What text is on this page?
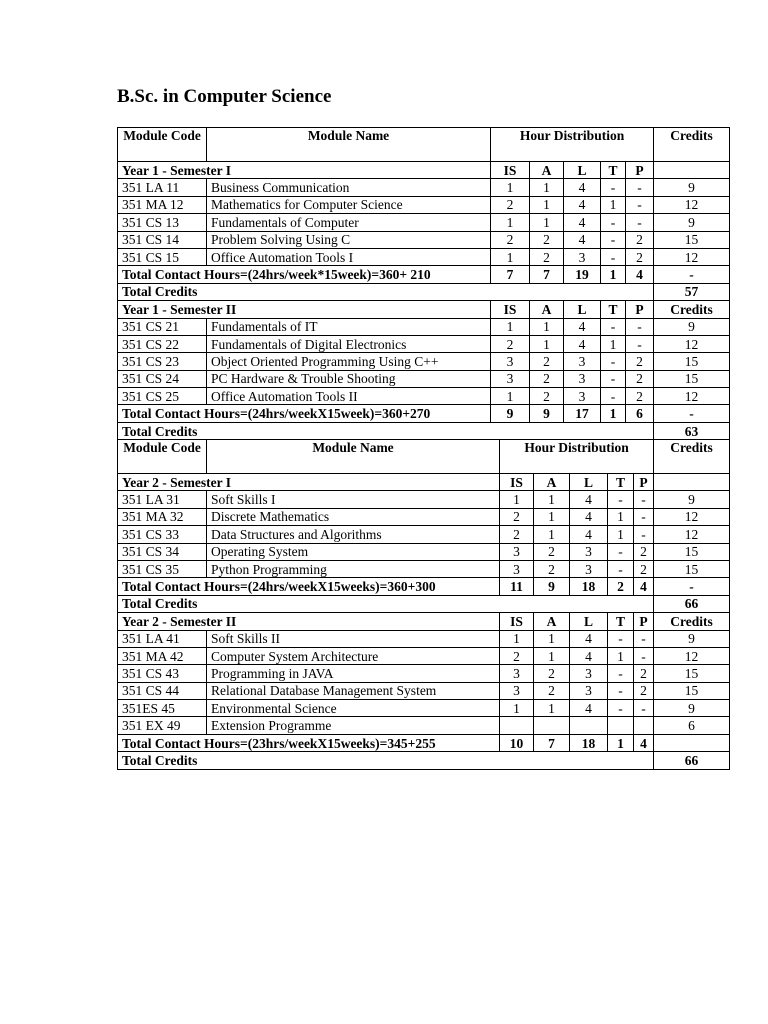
B.Sc. in Computer Science
Module Code	Module Name	Hour Distribution					Credits
Year 1 - Semester I		IS	A	L	T	P	
351 LA 11	Business Communication	1	1	4	-	-	9
351 MA 12	Mathematics for Computer Science	2	1	4	1	-	12
351 CS 13	Fundamentals of Computer	1	1	4	-	-	9
351 CS 14	Problem Solving Using C	2	2	4	-	2	15
351 CS 15	Office Automation Tools I	1	2	3	-	2	12
Total Contact Hours=(24hrs/week*15week)=360+ 210		7	7	19	1	4	-
Total Credits							57
Year 1 - Semester II		IS	A	L	T	P	Credits
351 CS 21	Fundamentals of IT	1	1	4	-	-	9
351 CS 22	Fundamentals of Digital Electronics	2	1	4	1	-	12
351 CS 23	Object Oriented Programming Using C++	3	2	3	-	2	15
351 CS 24	PC Hardware & Trouble Shooting	3	2	3	-	2	15
351 CS 25	Office Automation Tools II	1	2	3	-	2	12
Total Contact Hours=(24hrs/weekX15week)=360+270		9	9	17	1	6	-
Total Credits							63
Module Code	Module Name	Hour Distribution					Credits
Year 2 - Semester I		IS	A	L	T	P	
351 LA 31	Soft Skills I	1	1	4	-	-	9
351 MA 32	Discrete Mathematics	2	1	4	1	-	12
351 CS 33	Data Structures and Algorithms	2	1	4	1	-	12
351 CS 34	Operating System	3	2	3	-	2	15
351 CS 35	Python Programming	3	2	3	-	2	15
Total Contact Hours=(24hrs/weekX15weeks)=360+300		11	9	18	2	4	-
Total Credits							66
Year 2 - Semester II		IS	A	L	T	P	Credits
351 LA 41	Soft Skills II	1	1	4	-	-	9
351 MA 42	Computer System Architecture	2	1	4	1	-	12
351 CS 43	Programming in JAVA	3	2	3	-	2	15
351 CS 44	Relational Database Management System	3	2	3	-	2	15
351ES 45	Environmental Science	1	1	4	-	-	9
351 EX 49	Extension Programme						6
Total Contact Hours=(23hrs/weekX15weeks)=345+255		10	7	18	1	4	
Total Credits							66
